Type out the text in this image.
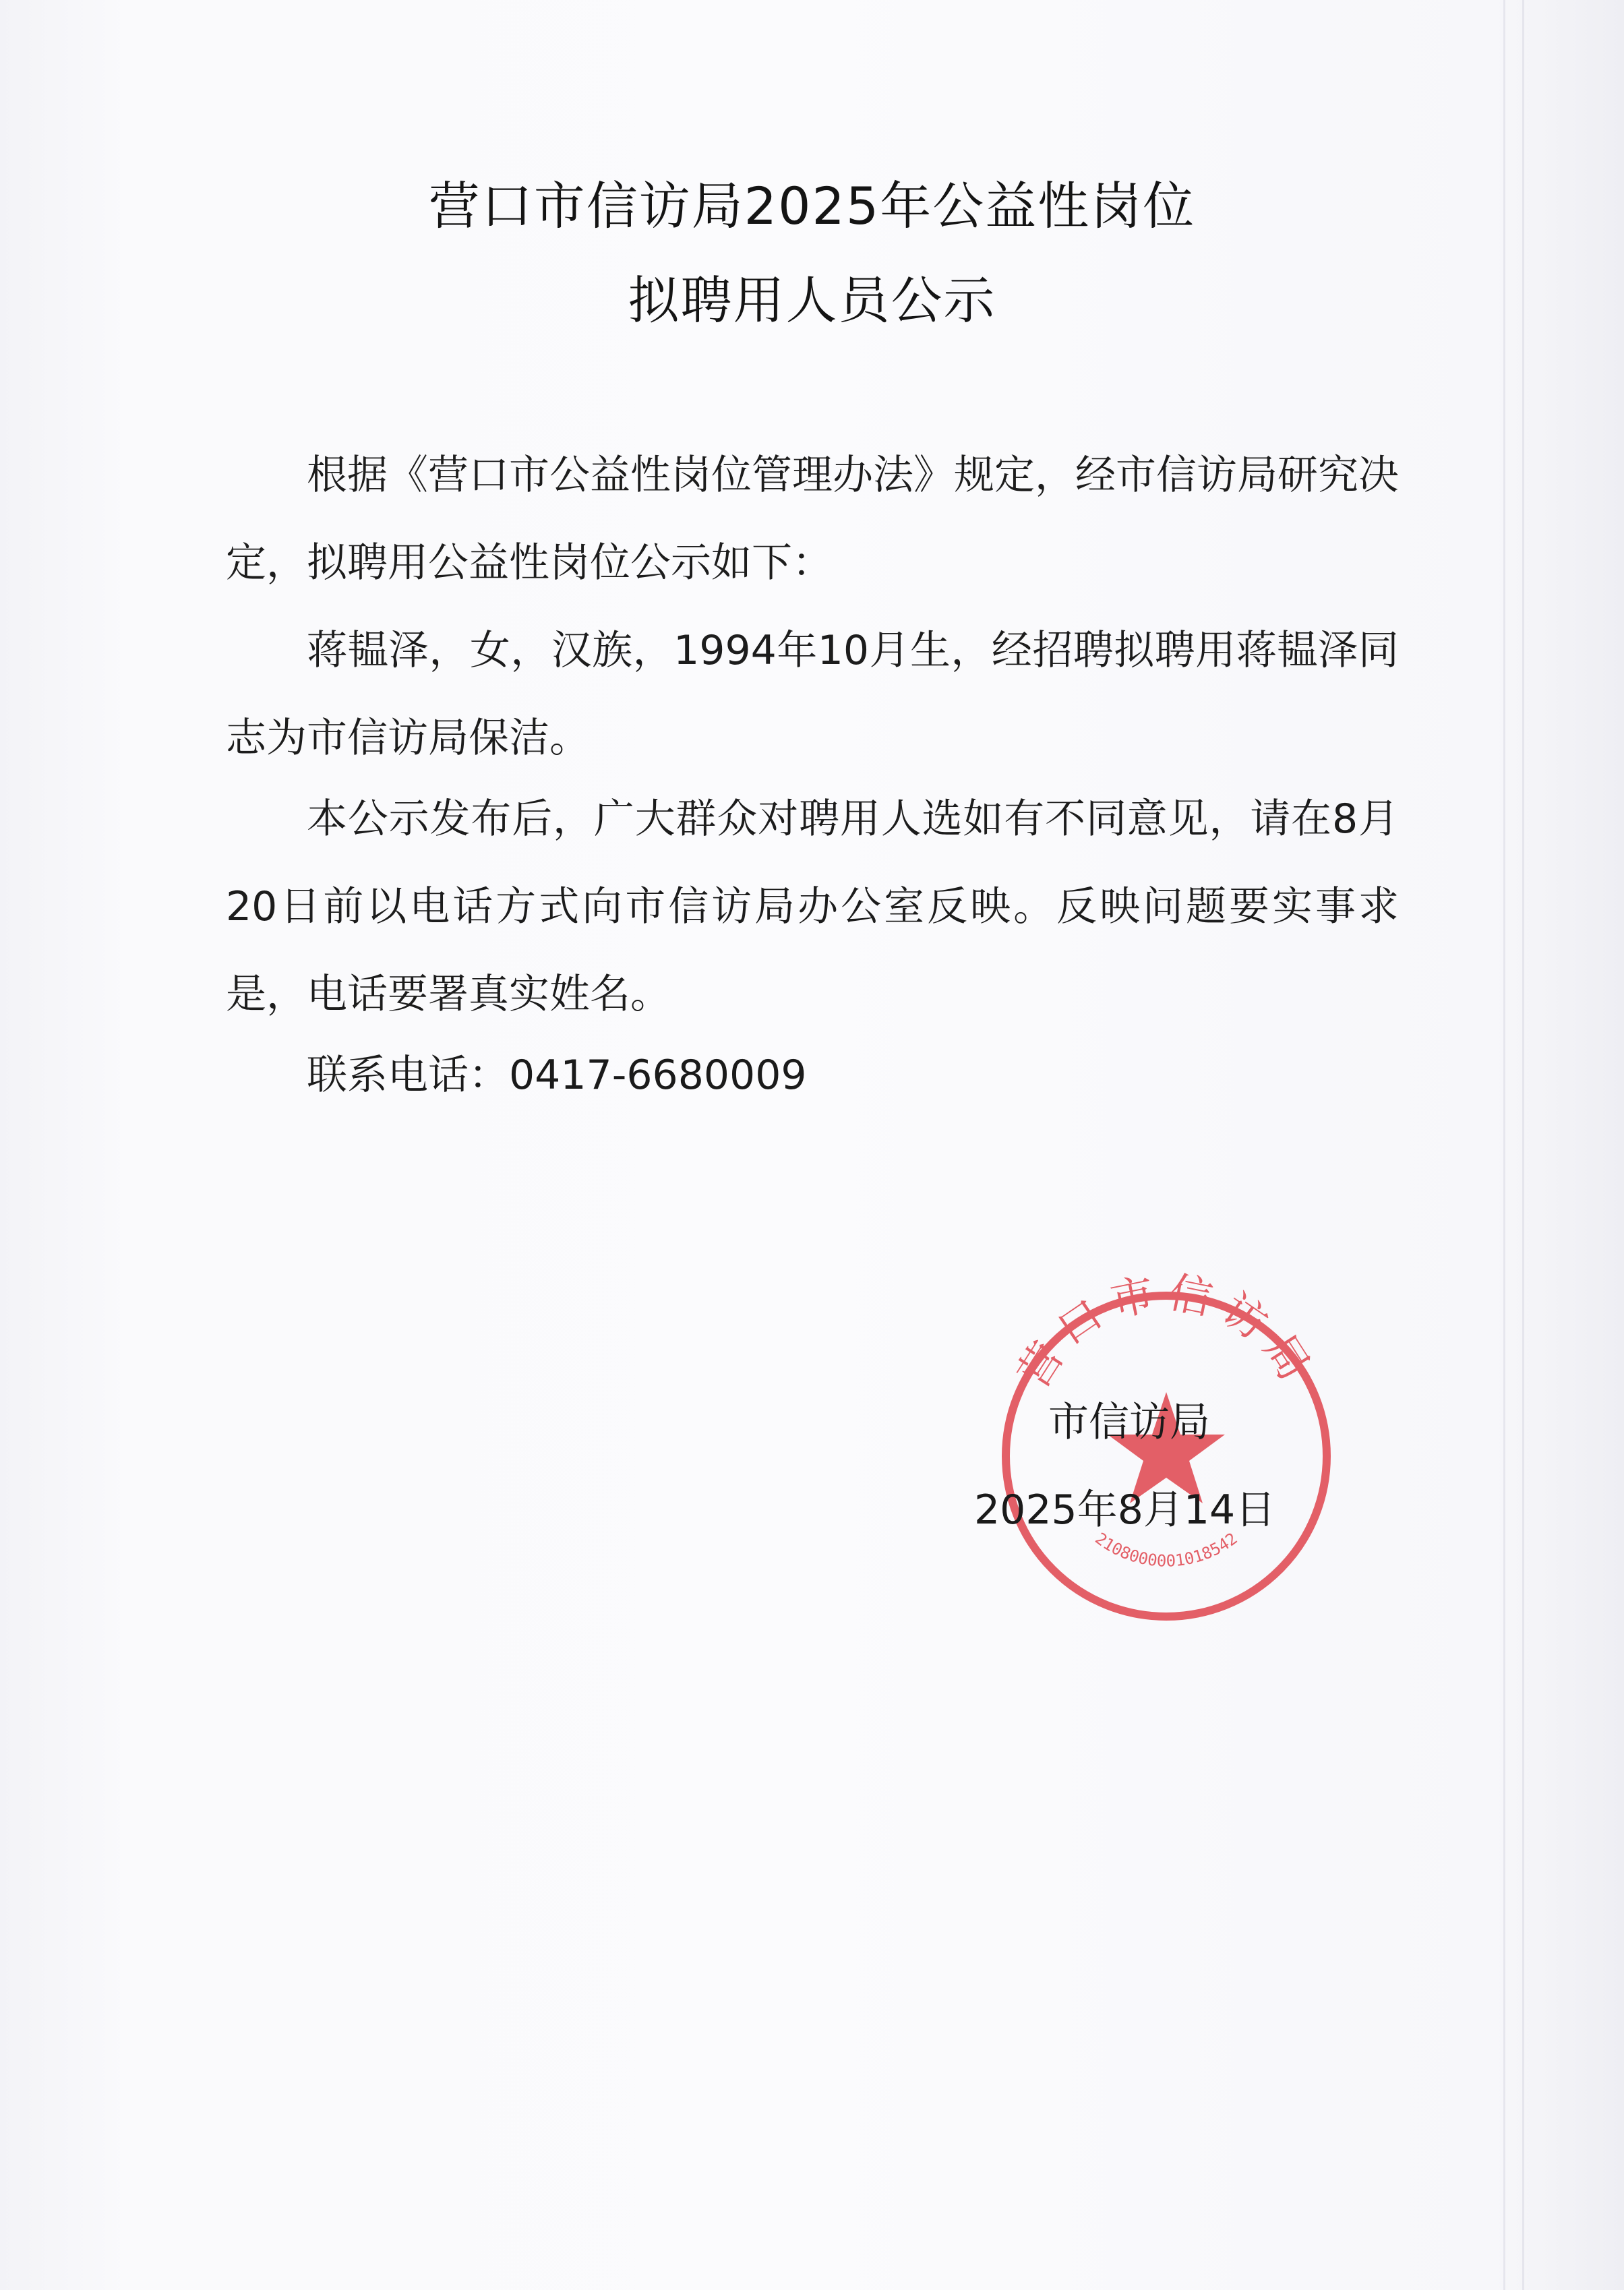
营口市信访局2025年公益性岗位
拟聘用人员公示

根据《营口市公益性岗位管理办法》规定，经市信访局研究决定，拟聘用公益性岗位公示如下：

蒋韫泽，女，汉族，1994年10月生，经招聘拟聘用蒋韫泽同志为市信访局保洁。

本公示发布后，广大群众对聘用人选如有不同意见，请在8月20日前以电话方式向市信访局办公室反映。反映问题要实事求是，电话要署真实姓名。

联系电话：0417-6680009

营口市信访局
2108000001018542

市信访局

2025年8月14日
